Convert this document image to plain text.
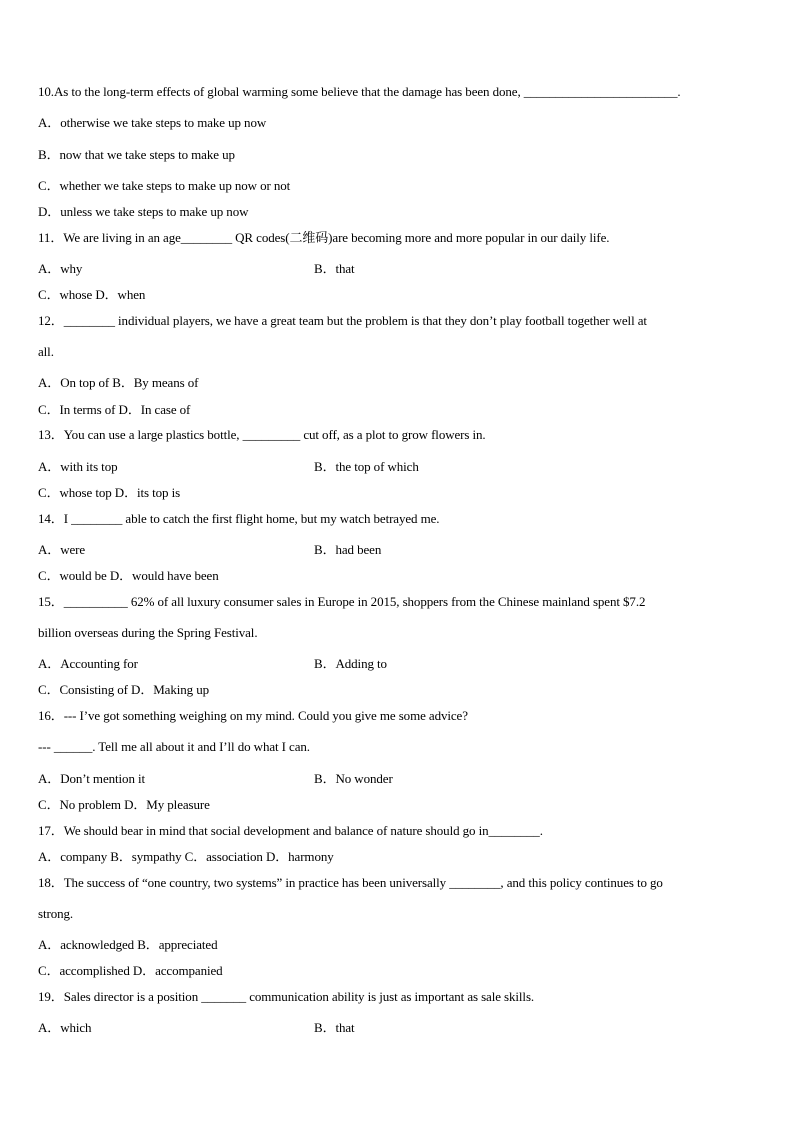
10.As to the long-term effects of global warming some believe that the damage has been done, ________________________.
A．otherwise we take steps to make up now
B．now that we take steps to make up
C．whether we take steps to make up now or not
D．unless we take steps to make up now
11．We are living in an age________ QR codes(二维码)are becoming more and more popular in our daily life.
A．why	B．that
C．whose D．when
12．________ individual players, we have a great team but the problem is that they don’t play football together well at
all.
A．On top of B．By means of
C．In terms of D．In case of
13．You can use a large plastics bottle, _________ cut off, as a plot to grow flowers in.
A．with its top	B．the top of which
C．whose top D．its top is
14．I ________ able to catch the first flight home, but my watch betrayed me.
A．were	B．had been
C．would be D．would have been
15．__________ 62% of all luxury consumer sales in Europe in 2015, shoppers from the Chinese mainland spent $7.2
billion overseas during the Spring Festival.
A．Accounting for	B．Adding to
C．Consisting of D．Making up
16．--- I’ve got something weighing on my mind. Could you give me some advice?
--- ______. Tell me all about it and I’ll do what I can.
A．Don’t mention it	B．No wonder
C．No problem D．My pleasure
17．We should bear in mind that social development and balance of nature should go in________.
A．company B．sympathy C．association D．harmony
18．The success of “one country, two systems” in practice has been universally ________, and this policy continues to go
strong.
A．acknowledged B．appreciated
C．accomplished D．accompanied
19．Sales director is a position _______ communication ability is just as important as sale skills.
A．which	B．that
